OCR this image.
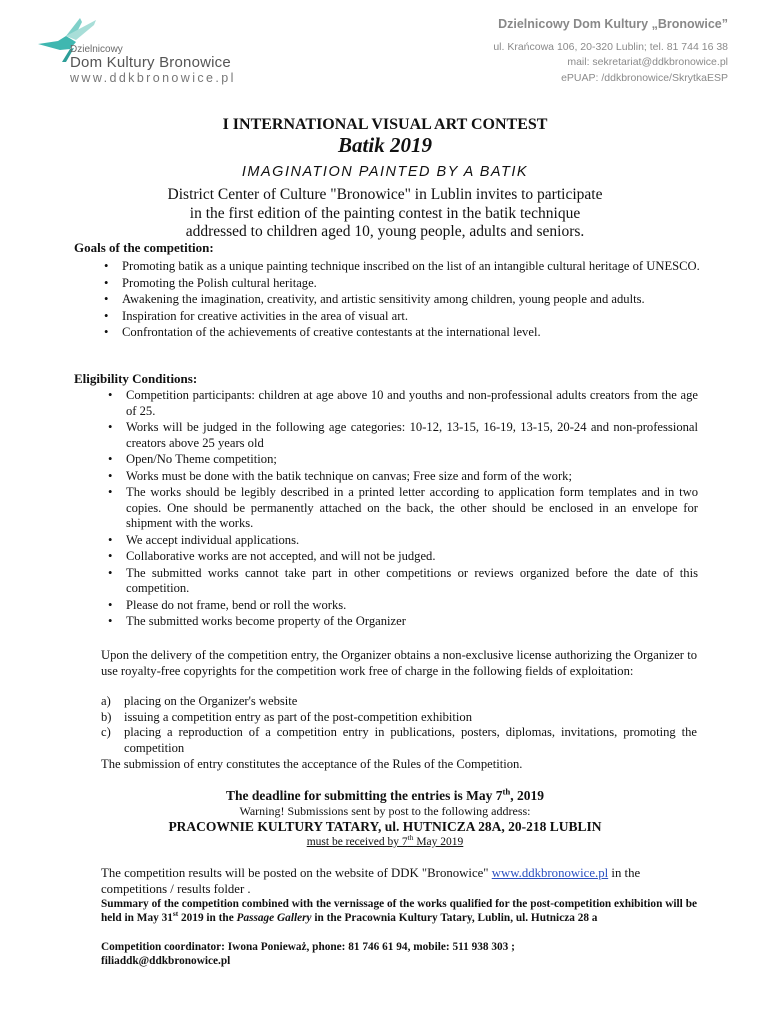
Dzielnicowy
Dom Kultury Bronowice
www.ddkbronowice.pl
Dzielnicowy Dom Kultury „Bronowice”
ul. Krańcowa 106, 20-320 Lublin; tel. 81 744 16 38
mail: sekretariat@ddkbronowice.pl
ePUAP: /ddkbronowice/SkrytkaESP
I INTERNATIONAL VISUAL ART CONTEST
Batik 2019
IMAGINATION PAINTED BY A BATIK
District Center of Culture "Bronowice" in Lublin invites to participate
in the first edition of the painting contest in the batik technique
addressed to children aged 10, young people, adults and seniors.
Goals of the competition:
• Promoting batik as a unique painting technique inscribed on the list of an intangible cultural heritage of UNESCO.
• Promoting the Polish cultural heritage.
• Awakening the imagination, creativity, and artistic sensitivity among children, young people and adults.
• Inspiration for creative activities in the area of visual art.
• Confrontation of the achievements of creative contestants at the international level.
Eligibility Conditions:
• Competition participants: children at age above 10 and youths and non-professional adults creators from the age of 25.
• Works will be judged in the following age categories: 10-12, 13-15, 16-19, 13-15, 20-24 and non-professional creators above 25 years old
• Open/No Theme competition;
• Works must be done with the batik technique on canvas; Free size and form of the work;
• The works should be legibly described in a printed letter according to application form templates and in two copies. One should be permanently attached on the back, the other should be enclosed in an envelope for shipment with the works.
• We accept individual applications.
• Collaborative works are not accepted, and will not be judged.
• The submitted works cannot take part in other competitions or reviews organized before the date of this competition.
• Please do not frame, bend or roll the works.
• The submitted works become property of the Organizer
Upon the delivery of the competition entry, the Organizer obtains a non-exclusive license authorizing the Organizer to use royalty-free copyrights for the competition work free of charge in the following fields of exploitation:
a) placing on the Organizer's website
b) issuing a competition entry as part of the post-competition exhibition
c) placing a reproduction of a competition entry in publications, posters, diplomas, invitations, promoting the competition
The submission of entry constitutes the acceptance of the Rules of the Competition.
The deadline for submitting the entries is May 7th, 2019
Warning! Submissions sent by post to the following address:
PRACOWNIE KULTURY TATARY, ul. HUTNICZA 28A, 20-218 LUBLIN
must be received by 7th May 2019
The competition results will be posted on the website of DDK "Bronowice" www.ddkbronowice.pl in the competitions / results folder .
Summary of the competition combined with the vernissage of the works qualified for the post-competition exhibition will be held in May 31st 2019 in the Passage Gallery in the Pracownia Kultury Tatary, Lublin, ul. Hutnicza 28 a
Competition coordinator: Iwona Ponieważ, phone: 81 746 61 94, mobile: 511 938 303 ;
filiaddk@ddkbronowice.pl
